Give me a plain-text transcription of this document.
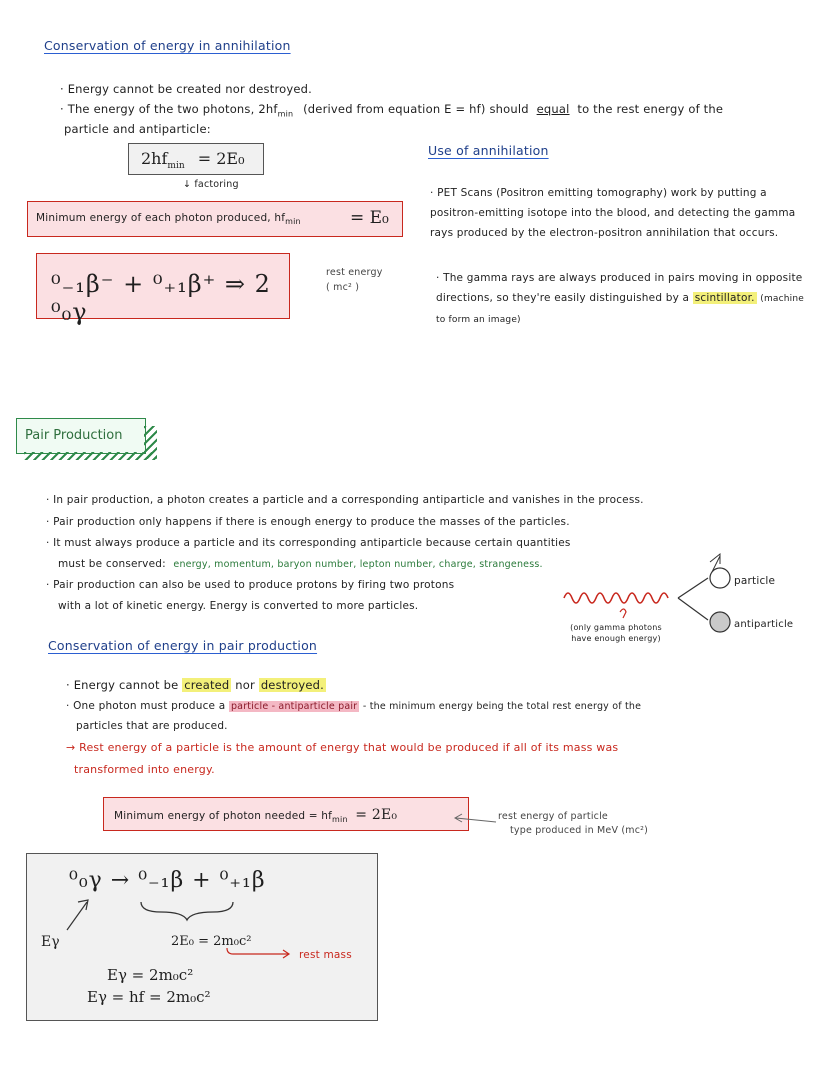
Conservation of energy in annihilation
· Energy cannot be created nor destroyed.
· The energy of the two photons, $2hf_{min}$ (derived from equation E = hf) should equal to the rest energy of the
particle and antiparticle:
$2hf_{min} = 2E_0$
↓ factoring
Minimum energy of each photon produced, $hf_{min}$	= E₀
⁰₋₁β⁻ + ⁰₊₁β⁺ ⇒ 2 ⁰₀γ
rest energy
( mc² )
Use of annihilation
· PET Scans (Positron emitting tomography) work by putting a positron-emitting isotope into the blood, and detecting the gamma rays produced by the electron-positron annihilation that occurs.
· The gamma rays are always produced in pairs moving in opposite directions, so they're easily distinguished by a scintillator. (machine to form an image)
Pair Production
· In pair production, a photon creates a particle and a corresponding antiparticle and vanishes in the process.
· Pair production only happens if there is enough energy to produce the masses of the particles.
· It must always produce a particle and its corresponding antiparticle because certain quantities
must be conserved: energy, momentum, baryon number, lepton number, charge, strangeness.
· Pair production can also be used to produce protons by firing two protons
with a lot of kinetic energy. Energy is converted to more particles.
particle
antiparticle
(only gamma photons have enough energy)
Conservation of energy in pair production
· Energy cannot be created nor destroyed.
· One photon must produce a particle - antiparticle pair - the minimum energy being the total rest energy of the
particles that are produced.
→ Rest energy of a particle is the amount of energy that would be produced if all of its mass was
transformed into energy.
Minimum energy of photon needed = $hf_{min} = 2E_0$	rest energy of particle
type produced in MeV (mc²)
⁰₀γ → ⁰₋₁β + ⁰₊₁β
Eγ	2E₀ = 2m₀c²
rest mass
Eγ = 2m₀c²
Eγ = hf = 2m₀c²
